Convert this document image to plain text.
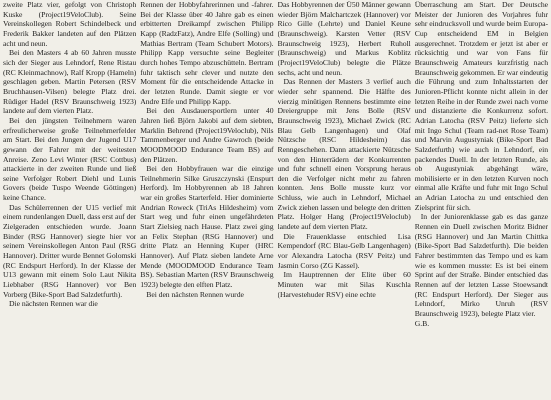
zweite Platz vier, gefolgt von Christoph Kuske (Project19VeloClub). Seine Vereinskollegen Robert Schindelbeck und Frederik Bakker landeten auf den Plätzen acht und neun.

Bei den Masters 4 ab 60 Jahren musste sich der Sieger aus Lehndorf, Rene Ristau (RC Kleinmachnow), Ralf Kropp (Hameln) geschlagen geben. Martin Petersen (RSV Bruchhausen-Vilsen) belegte Platz drei. Rüdiger Hadel (RSV Braunschweig 1923) landete auf dem vierten Platz.

Bei den jüngsten Teilnehmern waren erfreulicherweise große Teilnehmerfelder am Start. Bei den Jungen der Jugend U17 gewann der Fahrer mit der weitesten Anreise. Zeno Levi Winter (RSC Cottbus) attackierte in der zweiten Runde und ließ seine Verfolger Robert Diehl und Lunis Govers (beide Tuspo Weende Göttingen) keine Chance.

Das Schülerrennen der U15 verlief mit einem rundenlangen Duell, dass erst auf der Zielgeraden entschieden wurde. Joann Binder (RSG Hannover) siegte hier vor seinem Vereinskollegen Anton Paul (RSG Hannover). Dritter wurde Bennet Golomski (RC Endspurt Herford). In der Klasse der U13 gewann mit einem Solo Laut Nikita Liebhaber (RSG Hannover) vor Ben Vorberg (Bike-Sport Bad Salzdetfurth).

Die nächsten Rennen war die

Rennen der Hobbyfahrerinnen und -fahrer. Bei der Klasse über 40 Jahre gab es einen erbitterten Dreikampf zwischen Philipp Kapp (RadzFatz), Andre Elfe (Solling) und Mathias Bertram (Team Schubert Motors). Philipp Kapp versuchte seine Begleiter durch hohes Tempo abzuschütteln. Bertram fuhr taktisch sehr clever und nutzte den Moment für die entscheidende Attacke in der letzten Runde. Damit siegte er vor Andre Elfe und Philipp Kapp.

Bei den Ausdauersportlern unter 40 Jahren ließ Björn Jakobi auf dem siebten, Marklin Behrend (Project19Veloclub), Nils Tammenberger und Andre Gawroch (beide MOODMOOD Endurance Team BS) auf den Plätzen.

Bei den Hobbyfrauen war die einzige Teilnehmerin Silke Gruszczynski (Enspurt Herford). Im Hobbyrennen ab 18 Jahren war ein großes Starterfeld. Hier dominierte Andrian Roweck (TriAs Hildesheim) vom Start weg und fuhr einen ungefährdeten Start Zielsieg nach Hause. Platz zwei ging an Felix Stephan (RSG Hannover) und dritte Platz an Henning Kuper (HRC Hannover). Auf Platz sieben landete Arne Mende (MOODMOOD Endurance Team BS). Sebastian Marten (RSV Braunschweig 1923) belegte den elften Platz.

Bei den nächsten Rennen wurde

Das Hobbyrennen der Ü50 Männer gewann wieder Björn Malchartczek (Hannover) vor Rico Gille (Lehrte) und Daniel Keune (Braunschweig). Karsten Vetter (RSV Braunschweig 1923), Herbert Ruholl (Braunschweig) und Markus Koblitz (Project19VeloClub) belegte die Plätze sechs, acht und neun.

Das Rennen der Masters 3 verlief auch wieder sehr spannend. Die Hälfte des vierzig minütigen Rennens bestimmte eine Dreiergruppe mit Jens Bolle (RSV Braunschweig 1923), Michael Zwick (RC Blau Gelb Langenhagen) und Olaf Nützsche (RSC Hildesheim) das Renngeschehen. Dann attackierte Nützsche von den Hinterrädern der Konkurrenten und fuhr schnell einen Vorsprung heraus den die Verfolger nicht mehr zu fahren konnten. Jens Bolle musste kurz vor Schluss, wie auch in Lehndorf, Michael Zwick ziehen lassen und belegte den dritten Platz. Holger Hang (Project19Veloclub) landete auf dem vierten Platz.

Die Frauenklasse entschied Lisa Kempendorf (RC Blau-Gelb Langenhagen) vor Alexandra Latocha (RSV Peitz) und Jasmin Corso (ZG Kassel).

Im Hauptrennen der Elite über 60 Minuten war mit Silas Kuschla (Harvestehuder RSV) eine echte

Überraschung am Start. Der Deutsche Meister der Junioren des Vorjahres fuhr sehr eindrucksvoll und wurde beim Europa-Cup entscheidend EM in Belgien ausgerechnet. Trotzdem er jetzt ist aber er rücksichtig und war von Fans für Braunschweig Amateurs kurzfristig nach Braunschweig gekommen. Er war eindeutig die Führung und zum Inhaltsstarten der Junioren-Pflicht konnte nicht allein in der letzten Reihe in der Runde zwei nach vorne und distanzierte die Konkurrenz sofort. Adrian Latocha (RSV Peitz) lieferte sich mit Ingo Schul (Team rad-net Rose Team) und Marvin Augustyniak (Bike-Sport Bad Salzdetfurth) wie auch in Lehndorf, ein packendes Duell. In der letzten Runde, als ob Augustyniak abgehängt wäre, mobilisierte er in den letzten Kurven noch einmal alle Kräfte und fuhr mit Ingo Schul an Adrian Latocha zu und entschied den Zielsprint für sich.

In der Juniorenklasse gab es das ganze Rennen ein Duell zwischen Moritz Bidner (RSG Hannover) und Jan Martin Chittka (Bike-Sport Bad Salzdetfurth). Die beiden Fahrer bestimmten das Tempo und es kam wie es kommen musste: Es ist bei einem Sprint auf der Straße. Binder entschied das Rennen auf der letzten Lasse Stoewsandt (RC Endspurt Herford). Der Sieger aus Lehndorf, Mirko Unruh (RSV Braunschweig 1923), belegte Platz vier.

G.B.
